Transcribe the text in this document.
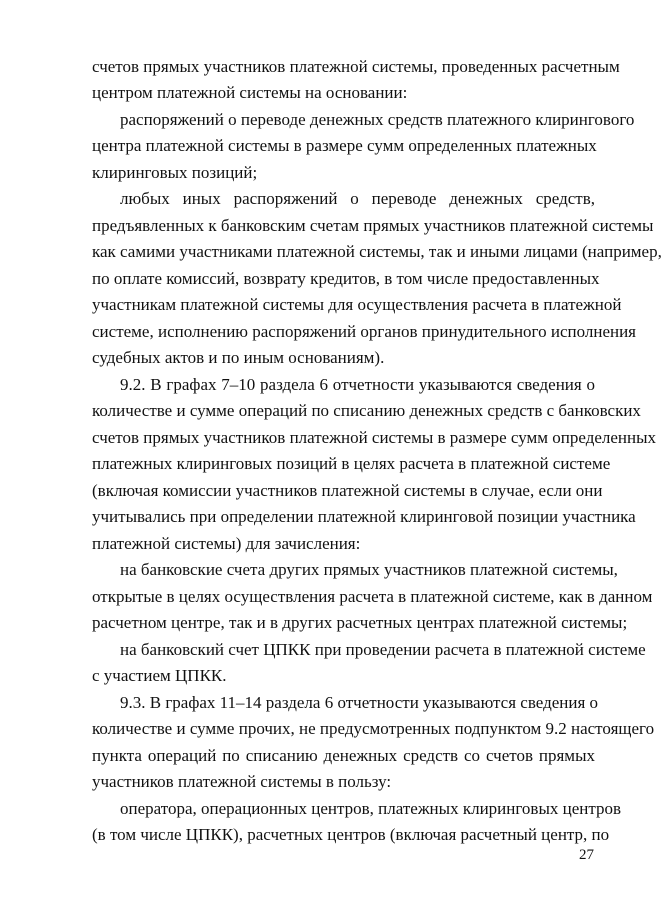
счетов прямых участников платежной системы, проведенных расчетным
центром платежной системы на основании:
распоряжений о переводе денежных средств платежного клирингового
центра платежной системы в размере сумм определенных платежных
клиринговых позиций;
любых иных распоряжений о переводе денежных средств,
предъявленных к банковским счетам прямых участников платежной системы
как самими участниками платежной системы, так и иными лицами (например,
по оплате комиссий, возврату кредитов, в том числе предоставленных
участникам платежной системы для осуществления расчета в платежной
системе, исполнению распоряжений органов принудительного исполнения
судебных актов и по иным основаниям).
9.2. В графах 7–10 раздела 6 отчетности указываются сведения о
количестве и сумме операций по списанию денежных средств с банковских
счетов прямых участников платежной системы в размере сумм определенных
платежных клиринговых позиций в целях расчета в платежной системе
(включая комиссии участников платежной системы в случае, если они
учитывались при определении платежной клиринговой позиции участника
платежной системы) для зачисления:
на банковские счета других прямых участников платежной системы,
открытые в целях осуществления расчета в платежной системе, как в данном
расчетном центре, так и в других расчетных центрах платежной системы;
на банковский счет ЦПКК при проведении расчета в платежной системе
с участием ЦПКК.
9.3. В графах 11–14 раздела 6 отчетности указываются сведения о
количестве и сумме прочих, не предусмотренных подпунктом 9.2 настоящего
пункта операций по списанию денежных средств со счетов прямых
участников платежной системы в пользу:
оператора, операционных центров, платежных клиринговых центров
(в том числе ЦПКК), расчетных центров (включая расчетный центр, по
27
